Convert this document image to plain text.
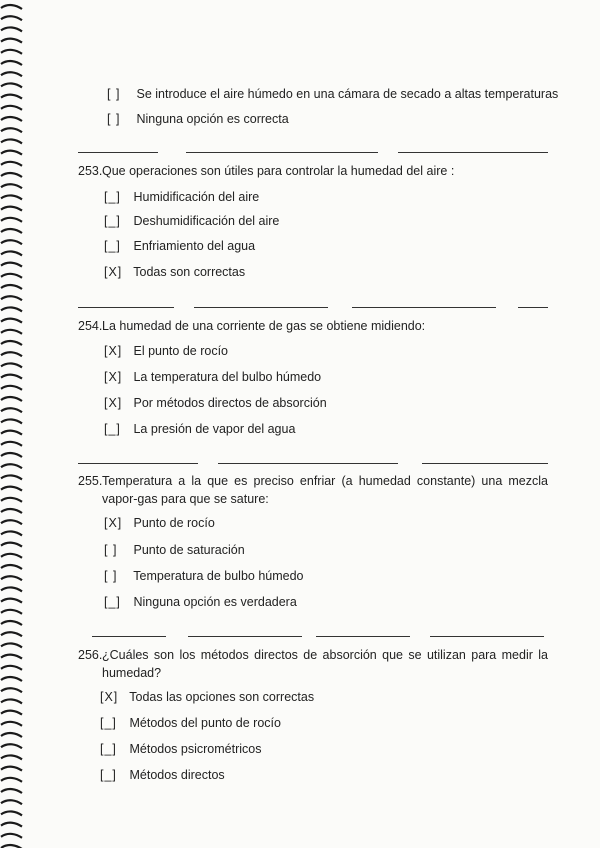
[ ] Se introduce el aire húmedo en una cámara de secado a altas temperaturas
[ ] Ninguna opción es correcta
253.Que operaciones son útiles para controlar la humedad del aire :
[_] Humidificación del aire
[_] Deshumidificación del aire
[_] Enfriamiento del agua
[X] Todas son correctas
254.La humedad de una corriente de gas se obtiene midiendo:
[X] El punto de rocío
[X] La temperatura del bulbo húmedo
[X] Por métodos directos de absorción
[_] La presión de vapor del agua
255. Temperatura a la que es preciso enfriar (a humedad constante) una mezcla vapor-gas para que se sature:
[X] Punto de rocío
[ ] Punto de saturación
[ ] Temperatura de bulbo húmedo
[_] Ninguna opción es verdadera
256. ¿Cuáles son los métodos directos de absorción que se utilizan para medir la humedad?
[X] Todas las opciones son correctas
[_] Métodos del punto de rocío
[_] Métodos psicrométricos
[_] Métodos directos
